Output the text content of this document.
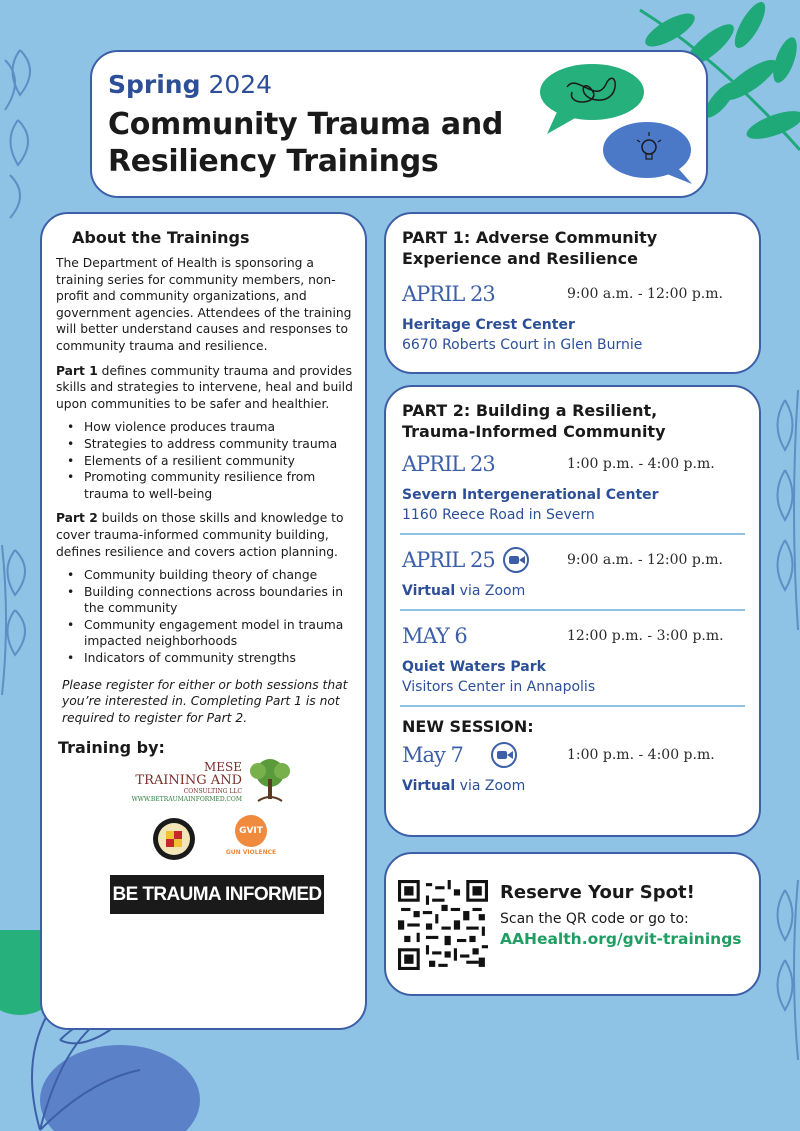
Spring 2024
Community Trauma and
Resiliency Trainings
About the Trainings

The Department of Health is sponsoring a training series for community members, non-profit and community organizations, and government agencies. Attendees of the training will better understand causes and responses to community trauma and resilience.

Part 1 defines community trauma and provides skills and strategies to intervene, heal and build upon communities to be safer and healthier.

• How violence produces trauma
• Strategies to address community trauma
• Elements of a resilient community
• Promoting community resilience from trauma to well-being

Part 2 builds on those skills and knowledge to cover trauma-informed community building, defines resilience and covers action planning.

• Community building theory of change
• Building connections across boundaries in the community
• Community engagement model in trauma impacted neighborhoods
• Indicators of community strengths

Please register for either or both sessions that you’re interested in. Completing Part 1 is not required to register for Part 2.

Training by:
MESE
TRAINING AND
CONSULTING LLC
WWW.BETRAUMAINFORMED.COM
GVIT
GUN VIOLENCE
BE TRAUMA INFORMED
PART 1: Adverse Community
Experience and Resilience
APRIL 23	9:00 a.m. - 12:00 p.m.
Heritage Crest Center
6670 Roberts Court in Glen Burnie
PART 2: Building a Resilient,
Trauma-Informed Community
APRIL 23	1:00 p.m. - 4:00 p.m.
Severn Intergenerational Center
1160 Reece Road in Severn
APRIL 25	9:00 a.m. - 12:00 p.m.
Virtual via Zoom
MAY 6	12:00 p.m. - 3:00 p.m.
Quiet Waters Park
Visitors Center in Annapolis
NEW SESSION:
May 7	1:00 p.m. - 4:00 p.m.
Virtual via Zoom
Reserve Your Spot!
Scan the QR code or go to:
AAHealth.org/gvit-trainings
